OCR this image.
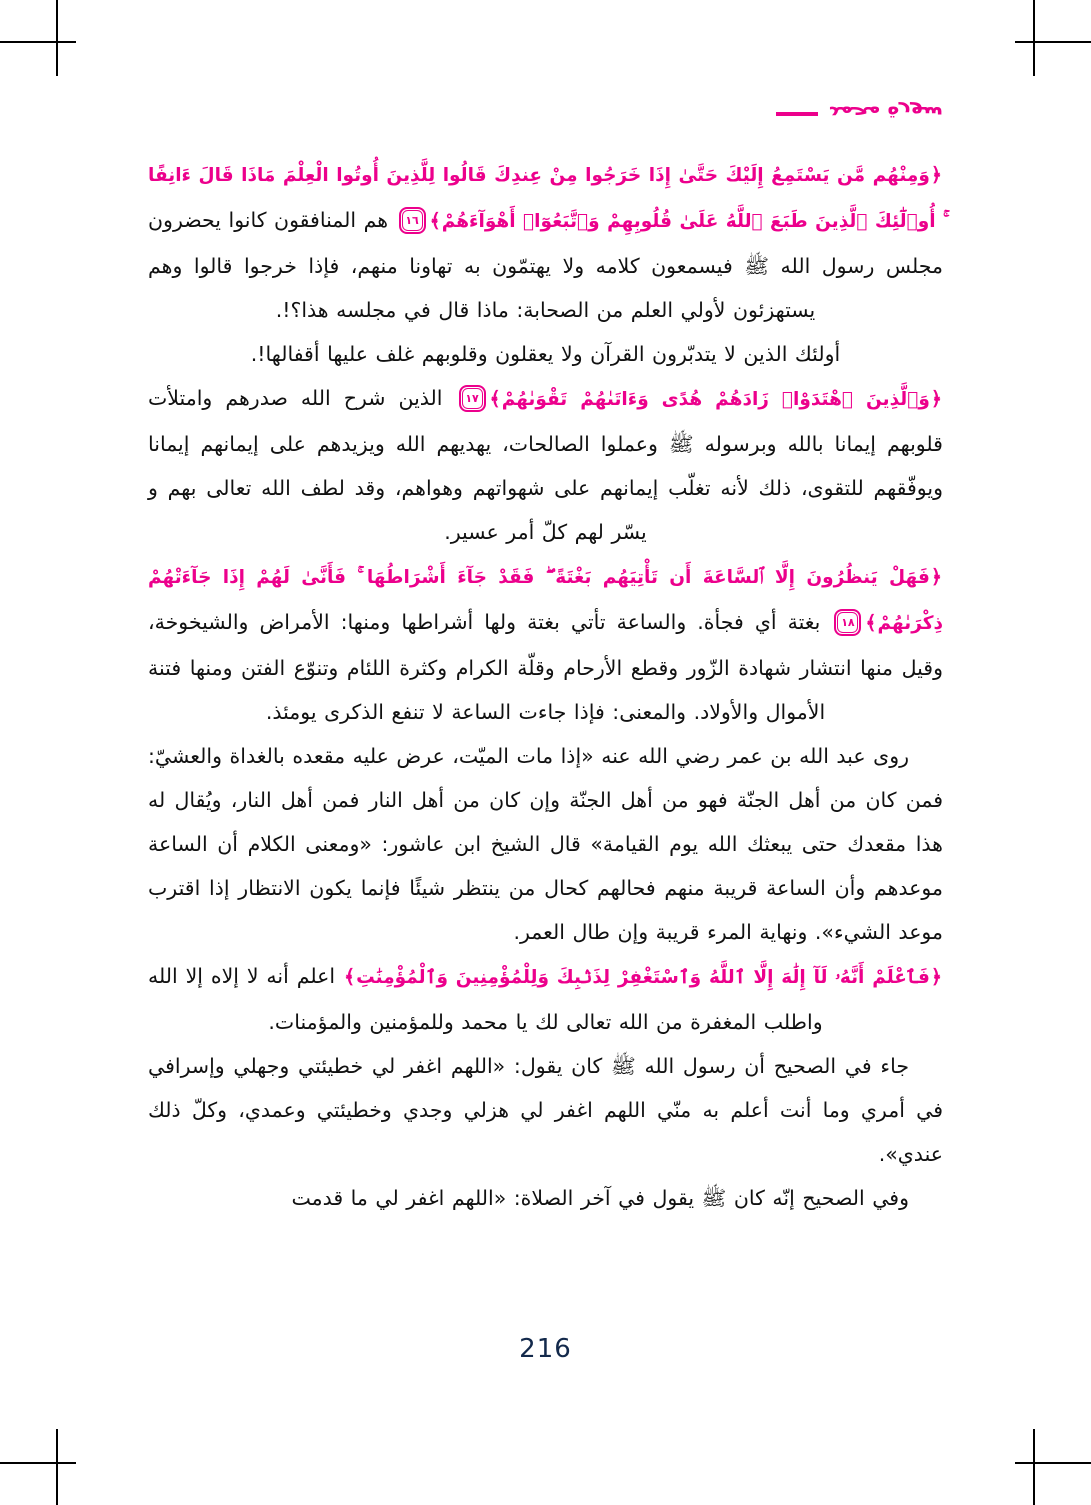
سورة محمد

﴿وَمِنْهُم مَّن يَسْتَمِعُ إِلَيْكَ حَتَّىٰ إِذَا خَرَجُوا مِنْ عِندِكَ قَالُوا لِلَّذِينَ أُوتُوا الْعِلْمَ مَاذَا قَالَ ءَانِفًا ۚ أُو۟لَٰٓئِكَ ٱلَّذِينَ طَبَعَ ٱللَّهُ عَلَىٰ قُلُوبِهِمْ وَٱتَّبَعُوٓا۟ أَهْوَآءَهُمْ﴾
١٦
هم المنافقون كانوا يحضرون مجلس رسول الله ﷺ فيسمعون كلامه ولا يهتمّون به تهاونا منهم، فإذا خرجوا قالوا وهم يستهزئون لأولي العلم من الصحابة: ماذا قال في مجلسه هذا؟!.

أولئك الذين لا يتدبّرون القرآن ولا يعقلون وقلوبهم غلف عليها أقفالها!.

﴿وَٱلَّذِينَ ٱهْتَدَوْا۟ زَادَهُمْ هُدًى وَءَاتَىٰهُمْ تَقْوَىٰهُمْ﴾
١٧
الذين شرح الله صدرهم وامتلأت قلوبهم إيمانا بالله وبرسوله ﷺ وعملوا الصالحات، يهديهم الله ويزيدهم على إيمانهم إيمانا ويوفّقهم للتقوى، ذلك لأنه تغلّب إيمانهم على شهواتهم وهواهم، وقد لطف الله تعالى بهم و يسّر لهم كلّ أمر عسير.

﴿فَهَلْ يَنظُرُونَ إِلَّا ٱلسَّاعَةَ أَن تَأْتِيَهُم بَغْتَةً ۖ فَقَدْ جَآءَ أَشْرَاطُهَا ۚ فَأَنَّىٰ لَهُمْ إِذَا جَآءَتْهُمْ ذِكْرَىٰهُمْ﴾
١٨
بغتة أي فجأة. والساعة تأتي بغتة ولها أشراطها ومنها: الأمراض والشيخوخة، وقيل منها انتشار شهادة الزّور وقطع الأرحام وقلّة الكرام وكثرة اللئام وتنوّع الفتن ومنها فتنة الأموال والأولاد. والمعنى: فإذا جاءت الساعة لا تنفع الذكرى يومئذ.

روى عبد الله بن عمر رضي الله عنه «إذا مات الميّت، عرض عليه مقعده بالغداة والعشيّ: فمن كان من أهل الجنّة فهو من أهل الجنّة وإن كان من أهل النار فمن أهل النار، ويُقال له هذا مقعدك حتى يبعثك الله يوم القيامة» قال الشيخ ابن عاشور: «ومعنى الكلام أن الساعة موعدهم وأن الساعة قريبة منهم فحالهم كحال من ينتظر شيئًا فإنما يكون الانتظار إذا اقترب موعد الشيء». ونهاية المرء قريبة وإن طال العمر.

﴿فَٱعْلَمْ أَنَّهُۥ لَآ إِلَٰهَ إِلَّا ٱللَّهُ وَٱسْتَغْفِرْ لِذَنۢبِكَ وَلِلْمُؤْمِنِينَ وَٱلْمُؤْمِنَٰتِ﴾ اعلم أنه لا إلاه إلا الله واطلب المغفرة من الله تعالى لك يا محمد وللمؤمنين والمؤمنات.

جاء في الصحيح أن رسول الله ﷺ كان يقول: «اللهم اغفر لي خطيئتي وجهلي وإسرافي في أمري وما أنت أعلم به منّي اللهم اغفر لي هزلي وجدي وخطيئتي وعمدي، وكلّ ذلك عندي».

وفي الصحيح إنّه كان ﷺ يقول في آخر الصلاة: «اللهم اغفر لي ما قدمت

216
